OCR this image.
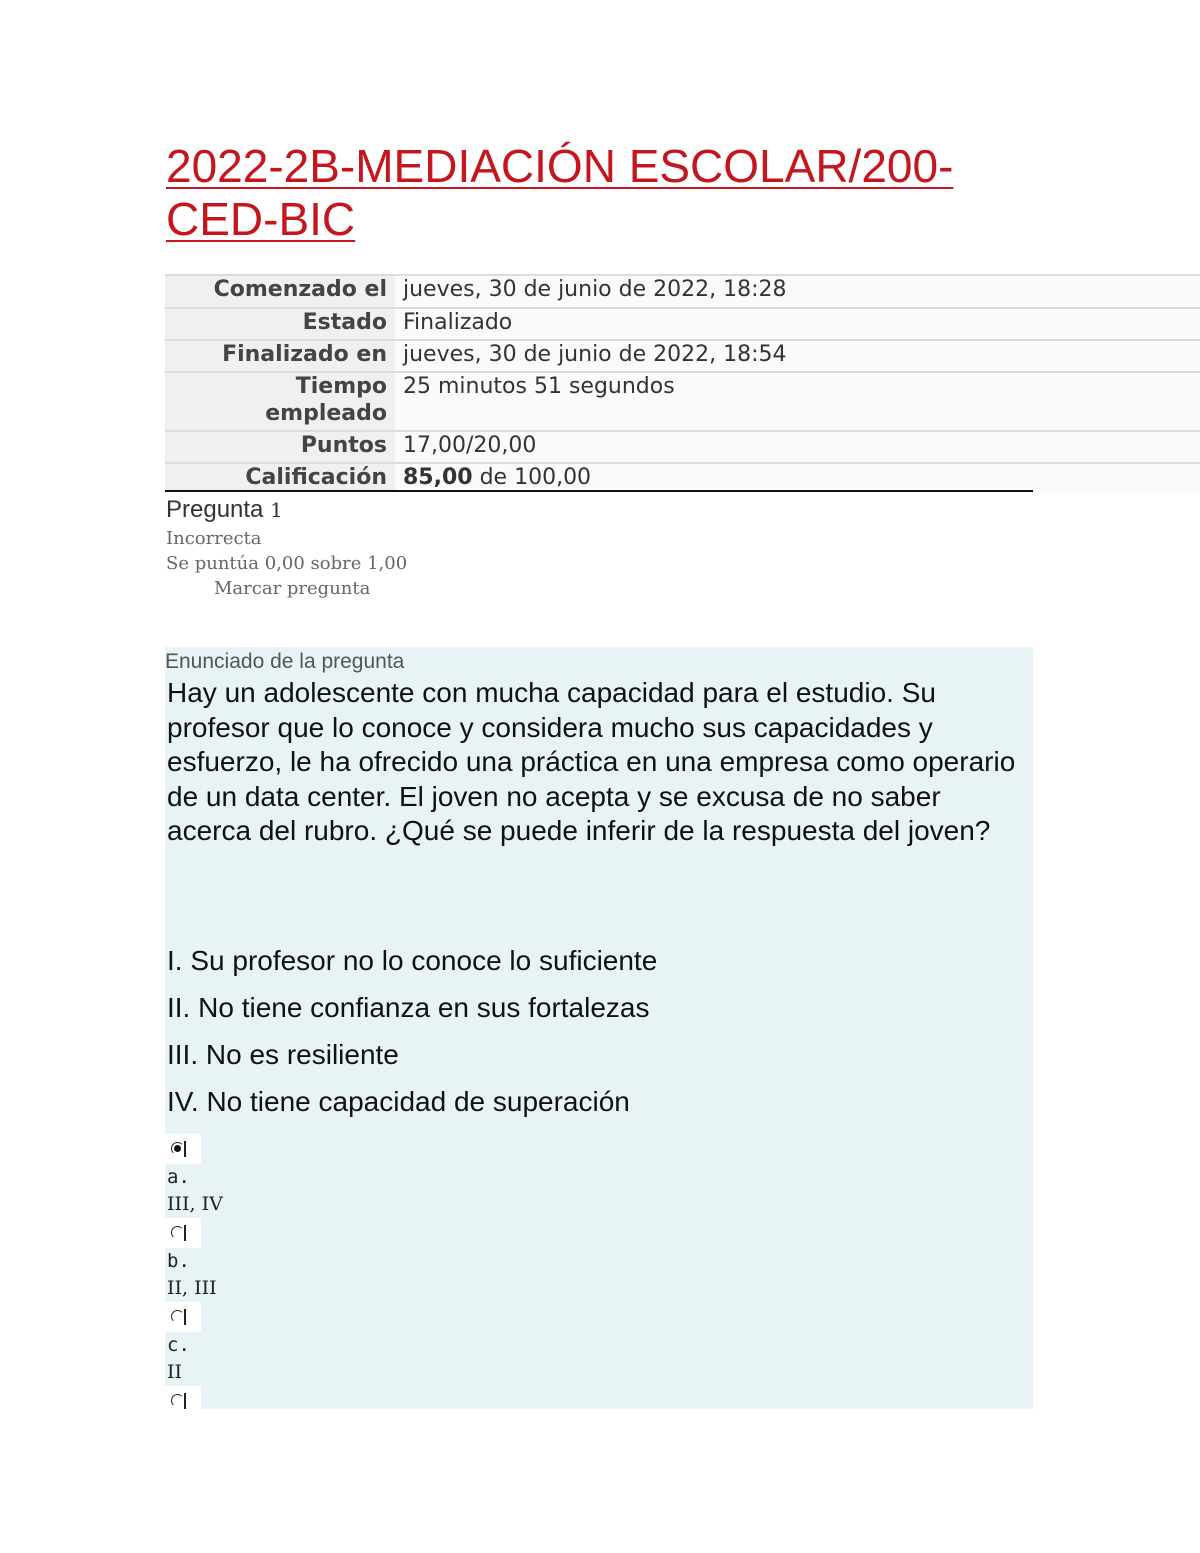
2022-2B-MEDIACIÓN ESCOLAR/200-CED-BIC
Comenzado el	jueves, 30 de junio de 2022, 18:28
Estado	Finalizado
Finalizado en	jueves, 30 de junio de 2022, 18:54
Tiempo empleado	25 minutos 51 segundos
Puntos	17,00/20,00
Calificación	85,00 de 100,00
Pregunta 1
Incorrecta
Se puntúa 0,00 sobre 1,00
Marcar pregunta
Enunciado de la pregunta

Hay un adolescente con mucha capacidad para el estudio. Su profesor que lo conoce y considera mucho sus capacidades y esfuerzo, le ha ofrecido una práctica en una empresa como operario de un data center. El joven no acepta y se excusa de no saber acerca del rubro. ¿Qué se puede inferir de la respuesta del joven?

I. Su profesor no lo conoce lo suficiente
II. No tiene confianza en sus fortalezas
III. No es resiliente
IV. No tiene capacidad de superación
a.
III, IV
b.
II, III
c.
II
